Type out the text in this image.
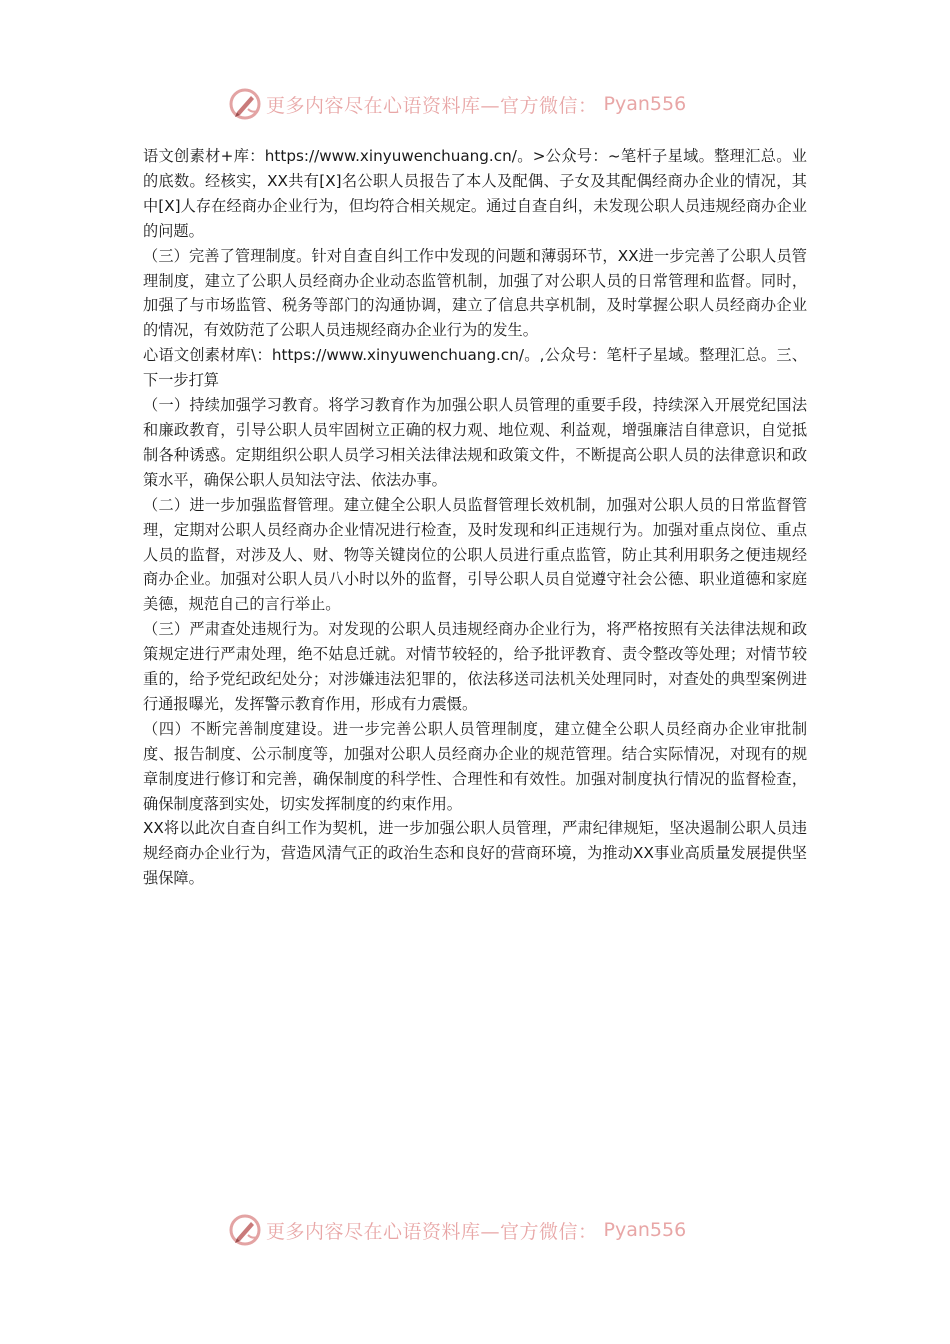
更多内容尽在心语资料库—官方微信： Pyan556

语文创素材+库：https://www.xinyuwenchuang.cn/。>公众号：~笔杆子星域。整理汇总。业的底数。经核实，XX共有[X]名公职人员报告了本人及配偶、子女及其配偶经商办企业的情况，其中[X]人存在经商办企业行为，但均符合相关规定。通过自查自纠，未发现公职人员违规经商办企业的问题。

（三）完善了管理制度。针对自查自纠工作中发现的问题和薄弱环节，XX进一步完善了公职人员管理制度，建立了公职人员经商办企业动态监管机制，加强了对公职人员的日常管理和监督。同时，加强了与市场监管、税务等部门的沟通协调，建立了信息共享机制，及时掌握公职人员经商办企业的情况，有效防范了公职人员违规经商办企业行为的发生。

心语文创素材库\：https://www.xinyuwenchuang.cn/。,公众号：笔杆子星域。整理汇总。三、下一步打算

（一）持续加强学习教育。将学习教育作为加强公职人员管理的重要手段，持续深入开展党纪国法和廉政教育，引导公职人员牢固树立正确的权力观、地位观、利益观，增强廉洁自律意识，自觉抵制各种诱惑。定期组织公职人员学习相关法律法规和政策文件，不断提高公职人员的法律意识和政策水平，确保公职人员知法守法、依法办事。

（二）进一步加强监督管理。建立健全公职人员监督管理长效机制，加强对公职人员的日常监督管理，定期对公职人员经商办企业情况进行检查，及时发现和纠正违规行为。加强对重点岗位、重点人员的监督，对涉及人、财、物等关键岗位的公职人员进行重点监管，防止其利用职务之便违规经商办企业。加强对公职人员八小时以外的监督，引导公职人员自觉遵守社会公德、职业道德和家庭美德，规范自己的言行举止。

（三）严肃查处违规行为。对发现的公职人员违规经商办企业行为，将严格按照有关法律法规和政策规定进行严肃处理，绝不姑息迁就。对情节较轻的，给予批评教育、责令整改等处理；对情节较重的，给予党纪政纪处分；对涉嫌违法犯罪的，依法移送司法机关处理同时，对查处的典型案例进行通报曝光，发挥警示教育作用，形成有力震慑。

（四）不断完善制度建设。进一步完善公职人员管理制度，建立健全公职人员经商办企业审批制度、报告制度、公示制度等，加强对公职人员经商办企业的规范管理。结合实际情况，对现有的规章制度进行修订和完善，确保制度的科学性、合理性和有效性。加强对制度执行情况的监督检查，确保制度落到实处，切实发挥制度的约束作用。

XX将以此次自查自纠工作为契机，进一步加强公职人员管理，严肃纪律规矩，坚决遏制公职人员违规经商办企业行为，营造风清气正的政治生态和良好的营商环境，为推动XX事业高质量发展提供坚强保障。

更多内容尽在心语资料库—官方微信： Pyan556
